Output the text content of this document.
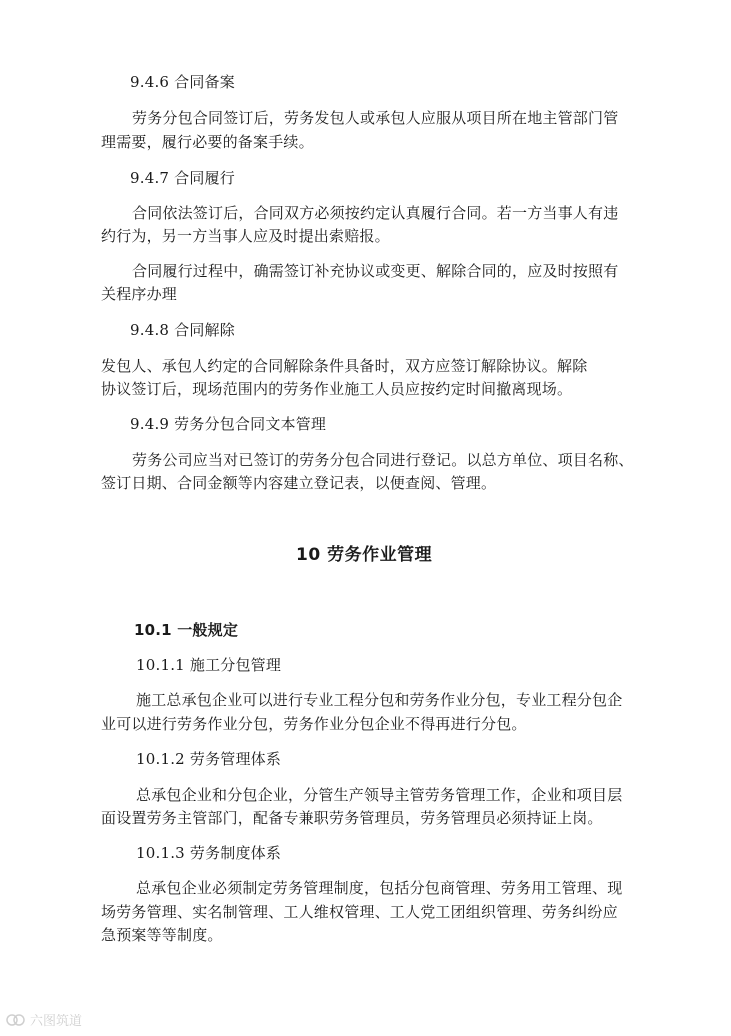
9.4.6 合同备案
劳务分包合同签订后，劳务发包人或承包人应服从项目所在地主管部门管
理需要，履行必要的备案手续。
9.4.7 合同履行
合同依法签订后，合同双方必须按约定认真履行合同。若一方当事人有违
约行为，另一方当事人应及时提出索赔报。
合同履行过程中，确需签订补充协议或变更、解除合同的，应及时按照有
关程序办理
9.4.8 合同解除
发包人、承包人约定的合同解除条件具备时，双方应签订解除协议。解除
协议签订后，现场范围内的劳务作业施工人员应按约定时间撤离现场。
9.4.9 劳务分包合同文本管理
劳务公司应当对已签订的劳务分包合同进行登记。以总方单位、项目名称、
签订日期、合同金额等内容建立登记表，以便查阅、管理。
10 劳务作业管理
10.1 一般规定
10.1.1 施工分包管理
施工总承包企业可以进行专业工程分包和劳务作业分包，专业工程分包企
业可以进行劳务作业分包，劳务作业分包企业不得再进行分包。
10.1.2 劳务管理体系
总承包企业和分包企业，分管生产领导主管劳务管理工作，企业和项目层
面设置劳务主管部门，配备专兼职劳务管理员，劳务管理员必须持证上岗。
10.1.3 劳务制度体系
总承包企业必须制定劳务管理制度，包括分包商管理、劳务用工管理、现
场劳务管理、实名制管理、工人维权管理、工人党工团组织管理、劳务纠纷应
急预案等等制度。
六图筑道
